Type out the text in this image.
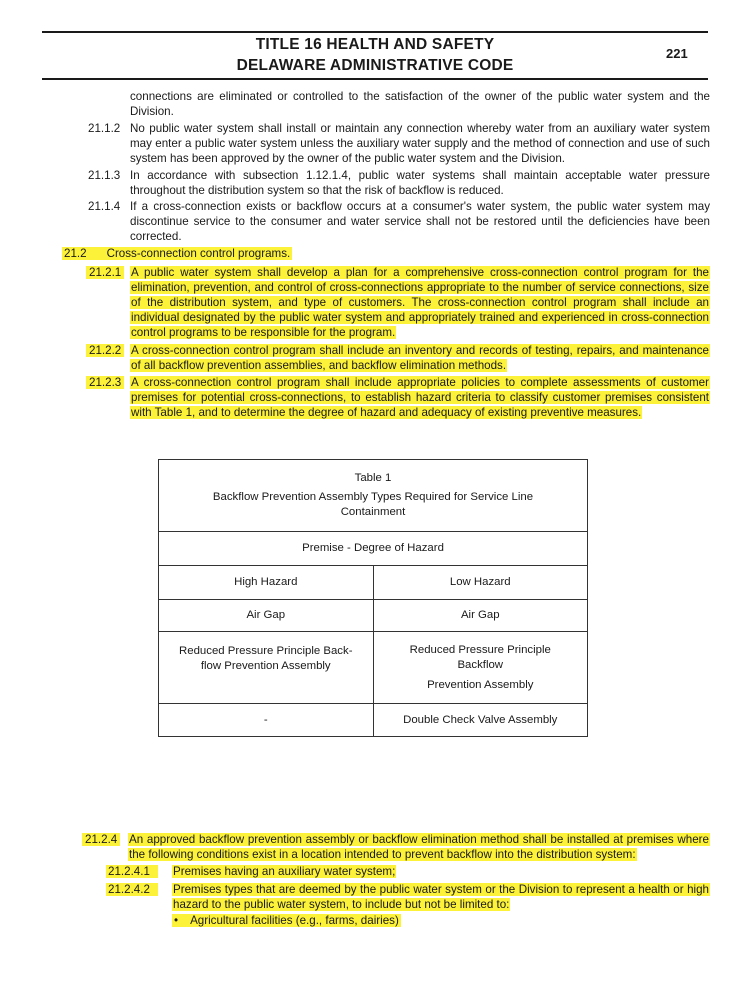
TITLE 16 HEALTH AND SAFETY
DELAWARE ADMINISTRATIVE CODE
221
connections are eliminated or controlled to the satisfaction of the owner of the public water system and the Division.
21.1.2 No public water system shall install or maintain any connection whereby water from an auxiliary water system may enter a public water system unless the auxiliary water supply and the method of connection and use of such system has been approved by the owner of the public water system and the Division.
21.1.3 In accordance with subsection 1.12.1.4, public water systems shall maintain acceptable water pressure throughout the distribution system so that the risk of backflow is reduced.
21.1.4 If a cross-connection exists or backflow occurs at a consumer's water system, the public water system may discontinue service to the consumer and water service shall not be restored until the deficiencies have been corrected.
21.2 Cross-connection control programs.
21.2.1 A public water system shall develop a plan for a comprehensive cross-connection control program for the elimination, prevention, and control of cross-connections appropriate to the number of service connections, size of the distribution system, and type of customers. The cross-connection control program shall include an individual designated by the public water system and appropriately trained and experienced in cross-connection control programs to be responsible for the program.
21.2.2 A cross-connection control program shall include an inventory and records of testing, repairs, and maintenance of all backflow prevention assemblies, and backflow elimination methods.
21.2.3 A cross-connection control program shall include appropriate policies to complete assessments of customer premises for potential cross-connections, to establish hazard criteria to classify customer premises consistent with Table 1, and to determine the degree of hazard and adequacy of existing preventive measures.
Table 1
Backflow Prevention Assembly Types Required for Service Line
Containment	

Premise - Degree of Hazard	
High Hazard	Low Hazard
Air Gap	Air Gap

Reduced Pressure Principle Back-
flow Prevention Assembly	Reduced Pressure Principle
Backflow
Prevention Assembly

-	Double Check Valve Assembly
21.2.4 An approved backflow prevention assembly or backflow elimination method shall be installed at premises where the following conditions exist in a location intended to prevent backflow into the distribution system:
21.2.4.1	Premises having an auxiliary water system;
21.2.4.2	Premises types that are deemed by the public water system or the Division to represent a health or high hazard to the public water system, to include but not be limited to:
• Agricultural facilities (e.g., farms, dairies)
